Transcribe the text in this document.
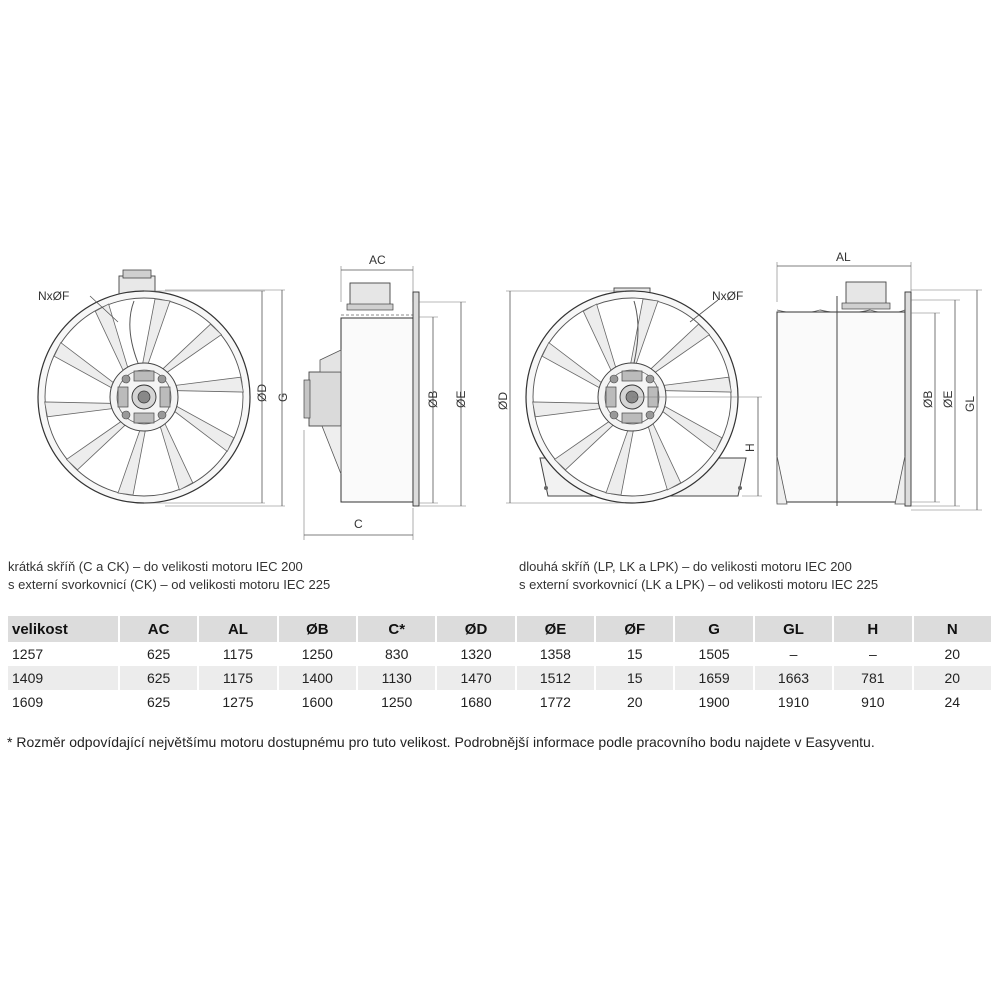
NxØF
G
ØD
AC
ØB ØE
C
NxØF
ØD
H
AL
ØB ØE GL
krátká skříň (C a CK) – do velikosti motoru IEC 200
s externí svorkovnicí (CK) – od velikosti motoru IEC 225
dlouhá skříň (LP, LK a LPK) – do velikosti motoru IEC 200
s externí svorkovnicí (LK a LPK) – od velikosti motoru IEC 225
velikost	AC	AL	ØB	C*	ØD	ØE	ØF	G	GL	H	N
1257	625	1175	1250	830	1320	1358	15	1505	–	–	20
1409	625	1175	1400	1130	1470	1512	15	1659	1663	781	20
1609	625	1275	1600	1250	1680	1772	20	1900	1910	910	24
* Rozměr odpovídající největšímu motoru dostupnému pro tuto velikost. Podrobnější informace podle pracovního bodu najdete v Easyventu.
